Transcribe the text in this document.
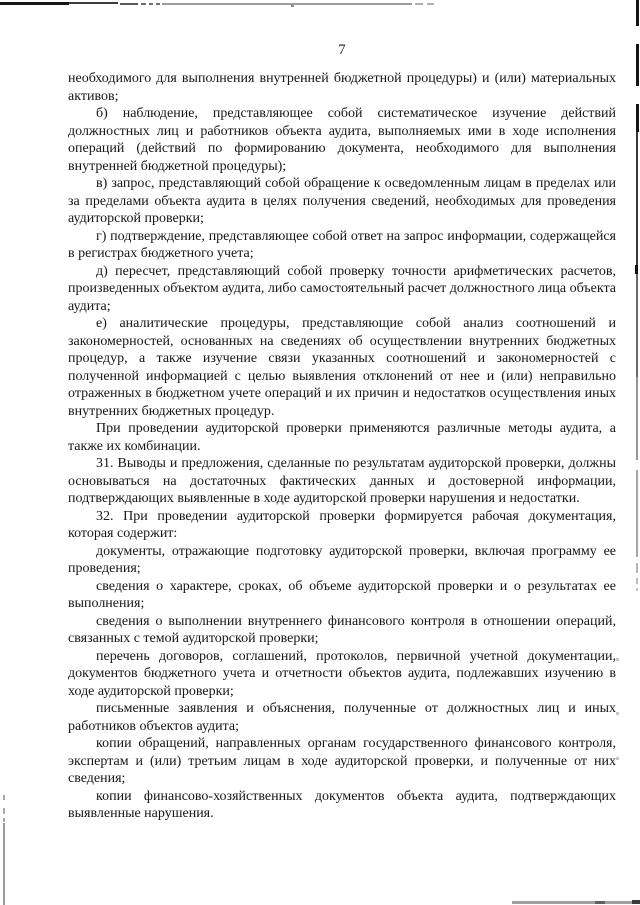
7

необходимого для выполнения внутренней бюджетной процедуры) и (или) материальных активов;

б) наблюдение, представляющее собой систематическое изучение действий должностных лиц и работников объекта аудита, выполняемых ими в ходе исполнения операций (действий по формированию документа, необходимого для выполнения внутренней бюджетной процедуры);

в) запрос, представляющий собой обращение к осведомленным лицам в пределах или за пределами объекта аудита в целях получения сведений, необходимых для проведения аудиторской проверки;

г) подтверждение, представляющее собой ответ на запрос информации, содержащейся в регистрах бюджетного учета;

д) пересчет, представляющий собой проверку точности арифметических расчетов, произведенных объектом аудита, либо самостоятельный расчет должностного лица объекта аудита;

е) аналитические процедуры, представляющие собой анализ соотношений и закономерностей, основанных на сведениях об осуществлении внутренних бюджетных процедур, а также изучение связи указанных соотношений и закономерностей с полученной информацией с целью выявления отклонений от нее и (или) неправильно отраженных в бюджетном учете операций и их причин и недостатков осуществления иных внутренних бюджетных процедур.

При проведении аудиторской проверки применяются различные методы аудита, а также их комбинации.

31. Выводы и предложения, сделанные по результатам аудиторской проверки, должны основываться на достаточных фактических данных и достоверной информации, подтверждающих выявленные в ходе аудиторской проверки нарушения и недостатки.

32. При проведении аудиторской проверки формируется рабочая документация, которая содержит:

документы, отражающие подготовку аудиторской проверки, включая программу ее проведения;

сведения о характере, сроках, об объеме аудиторской проверки и о результатах ее выполнения;

сведения о выполнении внутреннего финансового контроля в отношении операций, связанных с темой аудиторской проверки;

перечень договоров, соглашений, протоколов, первичной учетной документации, документов бюджетного учета и отчетности объектов аудита, подлежавших изучению в ходе аудиторской проверки;

письменные заявления и объяснения, полученные от должностных лиц и иных работников объектов аудита;

копии обращений, направленных органам государственного финансового контроля, экспертам и (или) третьим лицам в ходе аудиторской проверки, и полученные от них сведения;

копии финансово-хозяйственных документов объекта аудита, подтверждающих выявленные нарушения.
